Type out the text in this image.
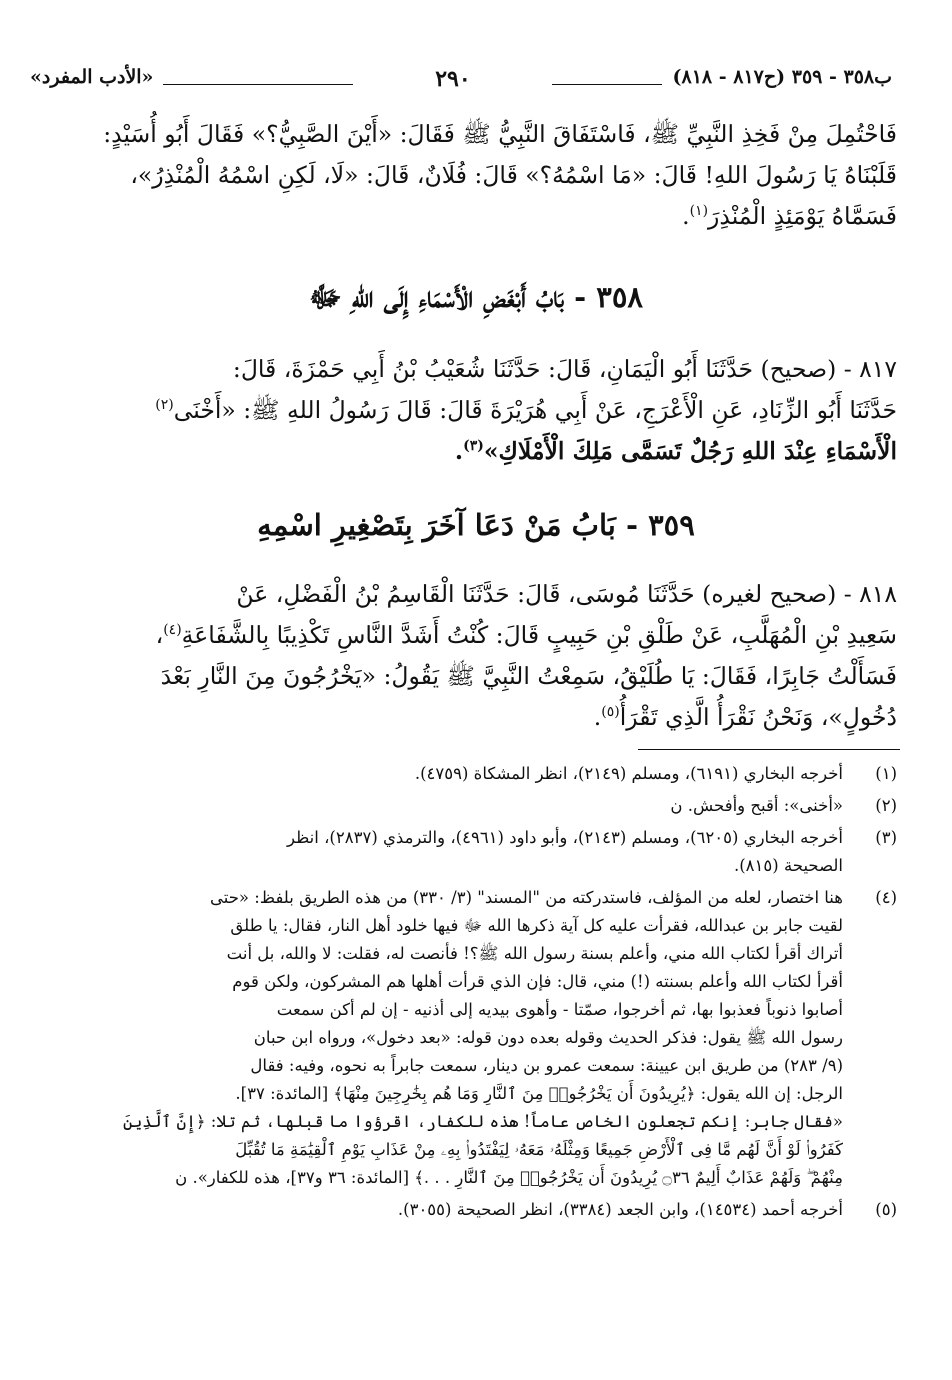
ب٣٥٨ - ٣٥٩ (ح٨١٧ - ٨١٨)
٢٩٠
«الأدب المفرد»

فَاحْتُمِلَ مِنْ فَخِذِ النَّبِيِّ ﷺ، فَاسْتَفَاقَ النَّبِيُّ ﷺ فَقَالَ: «أَيْنَ الصَّبِيُّ؟» فَقَالَ أَبُو أُسَيْدٍ:

قَلَبْنَاهُ يَا رَسُولَ اللهِ! قَالَ: «مَا اسْمُهُ؟» قَالَ: فُلَانٌ، قَالَ: «لَا، لَكِنِ اسْمُهُ الْمُنْذِرُ»،

فَسَمَّاهُ يَوْمَئِذٍ الْمُنْذِرَ$^{(١)}$.

٣٥٨ - بَابُ أَبْغَضِ الْأَسْمَاءِ إِلَى اللهِ ﷻ

٨١٧ - (صحيح) حَدَّثَنَا أَبُو الْيَمَانِ، قَالَ: حَدَّثَنَا شُعَيْبُ بْنُ أَبِي حَمْزَةَ، قَالَ:

حَدَّثَنَا أَبُو الزِّنَادِ، عَنِ الْأَعْرَجِ، عَنْ أَبِي هُرَيْرَةَ قَالَ: قَالَ رَسُولُ اللهِ ﷺ: «أَخْنَى$^{(٢)}$

الْأَسْمَاءِ عِنْدَ اللهِ رَجُلٌ تَسَمَّى مَلِكَ الْأَمْلَاكِ»$^{(٣)}$.

٣٥٩ - بَابُ مَنْ دَعَا آخَرَ بِتَصْغِيرِ اسْمِهِ

٨١٨ - (صحيح لغيره) حَدَّثَنَا مُوسَى، قَالَ: حَدَّثَنَا الْقَاسِمُ بْنُ الْفَضْلِ، عَنْ

سَعِيدِ بْنِ الْمُهَلَّبِ، عَنْ طَلْقِ بْنِ حَبِيبٍ قَالَ: كُنْتُ أَشَدَّ النَّاسِ تَكْذِيبًا بِالشَّفَاعَةِ$^{(٤)}$،

فَسَأَلْتُ جَابِرًا، فَقَالَ: يَا طُلَيْقُ، سَمِعْتُ النَّبِيَّ ﷺ يَقُولُ: «يَخْرُجُونَ مِنَ النَّارِ بَعْدَ

دُخُولٍ»، وَنَحْنُ نَقْرَأُ الَّذِي تَقْرَأُ$^{(٥)}$.

(١)
أخرجه البخاري (٦١٩١)، ومسلم (٢١٤٩)، انظر المشكاة (٤٧٥٩).
(٢)
«أخنى»: أقبح وأفحش. ن
(٣)
أخرجه البخاري (٦٢٠٥)، ومسلم (٢١٤٣)، وأبو داود (٤٩٦١)، والترمذي (٢٨٣٧)، انظر
الصحيحة (٨١٥).
(٤)
هنا اختصار، لعله من المؤلف، فاستدركته من "المسند" (٣/ ٣٣٠) من هذه الطريق بلفظ: «حتى
لقيت جابر بن عبدالله، فقرأت عليه كل آية ذكرها الله ﷻ فيها خلود أهل النار، فقال: يا طلق
أتراك أقرأ لكتاب الله مني، وأعلم بسنة رسول الله ﷺ؟! فأنصت له، فقلت: لا والله، بل أنت
أقرأ لكتاب الله وأعلم بسنته (!) مني، قال: فإن الذي قرأت أهلها هم المشركون، ولكن قوم
أصابوا ذنوباً فعذبوا بها، ثم أخرجوا، صمّتا - وأهوى بيديه إلى أذنيه - إن لم أكن سمعت
رسول الله ﷺ يقول: فذكر الحديث وقوله بعده دون قوله: «بعد دخول»، ورواه ابن حبان
(٩/ ٢٨٣) من طريق ابن عيينة: سمعت عمرو بن دينار، سمعت جابراً به نحوه، وفيه: فقال
الرجل: إن الله يقول: ﴿يُرِيدُونَ أَن يَخْرُجُوا۟ مِنَ ٱلنَّارِ وَمَا هُم بِخَٰرِجِينَ مِنْهَا﴾ [المائدة: ٣٧].
«فقال جابر: إنكم تجعلون الخاص عاماً! هذه للكفار، اقرؤوا ما قبلها، ثم تلا: ﴿إِنَّ ٱلَّذِينَ
كَفَرُوا۟ لَوْ أَنَّ لَهُم مَّا فِى ٱلْأَرْضِ جَمِيعًا وَمِثْلَهُۥ مَعَهُۥ لِيَفْتَدُوا۟ بِهِۦ مِنْ عَذَابِ يَوْمِ ٱلْقِيَٰمَةِ مَا تُقُبِّلَ
مِنْهُمْ ۖ وَلَهُمْ عَذَابٌ أَلِيمٌ ۝٣٦ يُرِيدُونَ أَن يَخْرُجُوا۟ مِنَ ٱلنَّارِ . . .﴾ [المائدة: ٣٦ و٣٧]، هذه للكفار». ن
(٥)
أخرجه أحمد (١٤٥٣٤)، وابن الجعد (٣٣٨٤)، انظر الصحيحة (٣٠٥٥).
